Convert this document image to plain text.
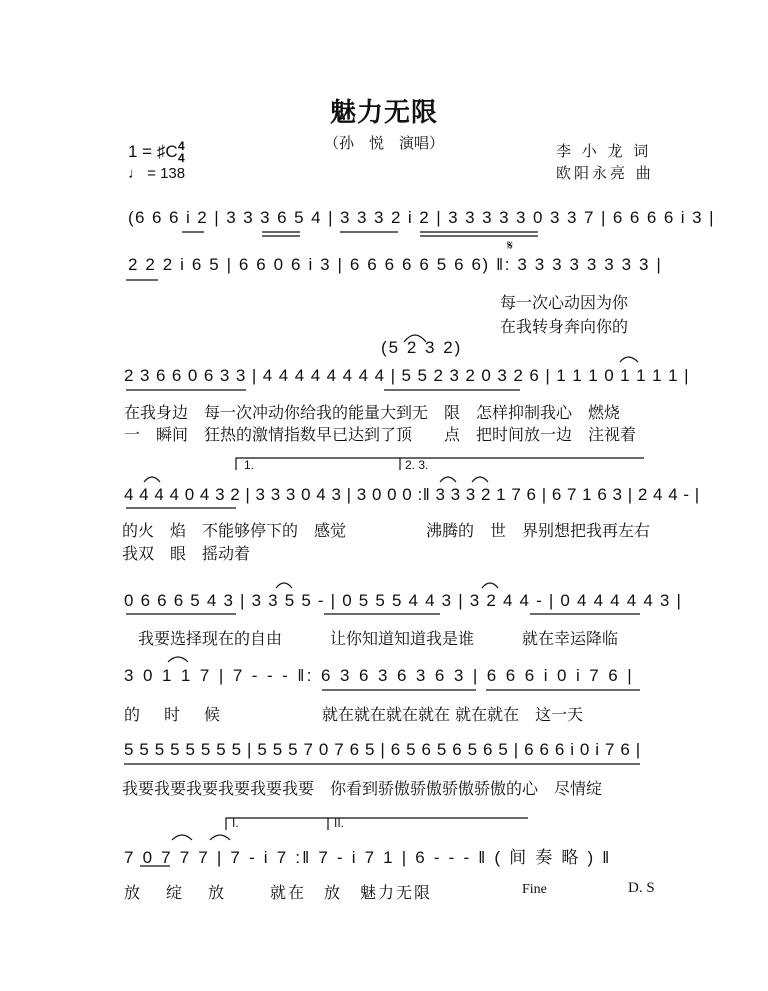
魅力无限
（孙　悦　演唱）
1 = ♯C 4
4
♩ = 138
李 小 龙 词
欧阳永亮 曲
(6 6 6 i 2 | 3 3 3 6 5 4 | 3 3 3 2 i 2 | 3 3 3 3 3 0 3 3 7 | 6 6 6 6 i 3 |
2 2 2 i 6 5 | 6 6 0 6 i 3 | 6 6 6 6 6 5 6 6) ‖: 3 3 3 3 3 3 3 3 |
𝄋
每一次心动因为你
在我转身奔向你的
(5 2 3 2)
2 3 6 6 0 6 3 3 | 4 4 4 4 4 4 4 4 | 5 5 2 3 2 0 3 2 6 | 1 1 1 0 1 1 1 1 |
在我身边　每一次冲动你给我的能量大到无　限　怎样抑制我心　燃烧
一　瞬间　狂热的激情指数早已达到了顶　　点　把时间放一边　注视着
1.	2. 3.
4 4 4 4 0 4 3 2 | 3 3 3 0 4 3 | 3 0 0 0 :‖ 3 3 3 2 1 7 6 | 6 7 1 6 3 | 2 4 4 - |
的火　焰　不能够停下的　感觉　　　　　沸腾的　世　界别想把我再左右
我双　眼　摇动着
0 6 6 6 5 4 3 | 3 3 5 5 - | 0 5 5 5 4 4 3 | 3 2 4 4 - | 0 4 4 4 4 4 3 |
我要选择现在的自由　　　让你知道知道我是谁　　　就在幸运降临
3 0 1 1 7 | 7 - - - ‖: 6 3 6 3 6 3 6 3 | 6 6 6 i 0 i 7 6 |
的　时　候	就在就在就在就在 就在就在　这一天
5 5 5 5 5 5 5 5 | 5 5 5 7 0 7 6 5 | 6 5 6 5 6 5 6 5 | 6 6 6 i 0 i 7 6 |
我要我要我要我要我要我要　你看到骄傲骄傲骄傲骄傲的心　尽情绽
I.	II.
7 0 7 7 7 | 7 - i 7 :‖ 7 - i 7 1 | 6 - - - ‖ ( 间 奏 略 ) ‖
放　绽　放	就在　放　魅力无限	Fine	D. S
